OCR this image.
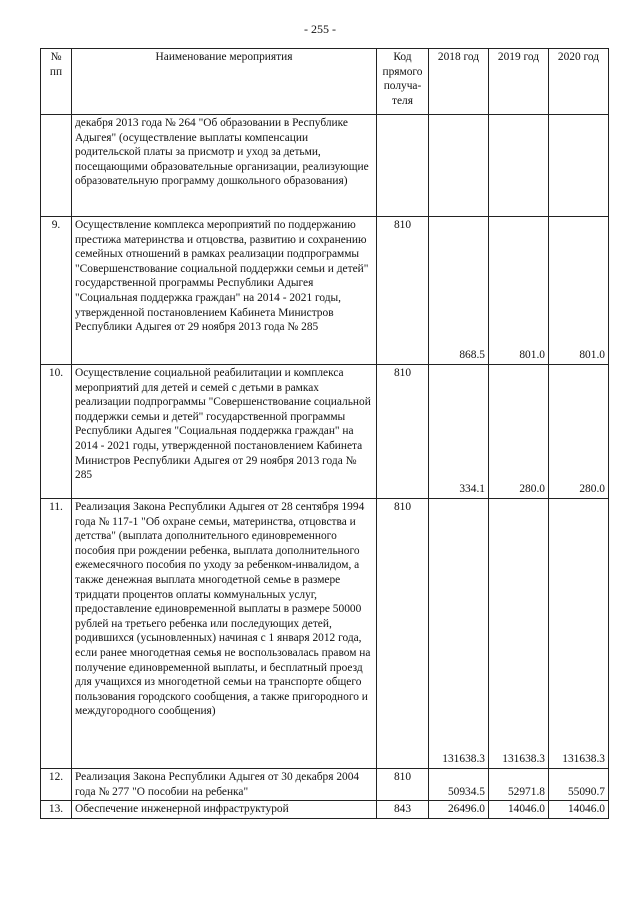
- 255 -
№ пп	Наименование мероприятия	Код прямого получа-теля	2018 год	2019 год	2020 год
	декабря 2013 года № 264 "Об образовании в Республике Адыгея" (осуществление выплаты компенсации родительской платы за присмотр и уход за детьми, посещающими образовательные организации, реализующие образовательную программу дошкольного образования)				
9.	Осуществление комплекса мероприятий по поддержанию престижа материнства и отцовства, развитию и сохранению семейных отношений в рамках реализации подпрограммы "Совершенствование социальной поддержки семьи и детей" государственной программы Республики Адыгея "Социальная поддержка граждан" на 2014 - 2021 годы, утвержденной постановлением Кабинета Министров Республики Адыгея от 29 ноября 2013 года № 285	810	868.5	801.0	801.0
10.	Осуществление социальной реабилитации и комплекса мероприятий для детей и семей с детьми в рамках реализации подпрограммы "Совершенствование социальной поддержки семьи и детей" государственной программы Республики Адыгея "Социальная поддержка граждан" на 2014 - 2021 годы, утвержденной постановлением Кабинета Министров Республики Адыгея от 29 ноября 2013 года № 285	810	334.1	280.0	280.0
11.	Реализация Закона Республики Адыгея от 28 сентября 1994 года № 117-1 "Об охране семьи, материнства, отцовства и детства" (выплата дополнительного единовременного пособия при рождении ребенка, выплата дополнительного ежемесячного пособия по уходу за ребенком-инвалидом, а также денежная выплата многодетной семье в размере тридцати процентов оплаты коммунальных услуг, предоставление единовременной выплаты в размере 50000 рублей на третьего ребенка или последующих детей, родившихся (усыновленных) начиная с 1 января 2012 года, если ранее многодетная семья не воспользовалась правом на получение единовременной выплаты, и бесплатный проезд для учащихся из многодетной семьи на транспорте общего пользования городского сообщения, а также пригородного и междугородного сообщения)	810	131638.3	131638.3	131638.3
12.	Реализация Закона Республики Адыгея от 30 декабря 2004 года № 277 "О пособии на ребенка"	810	50934.5	52971.8	55090.7
13.	Обеспечение инженерной инфраструктурой	843	26496.0	14046.0	14046.0
